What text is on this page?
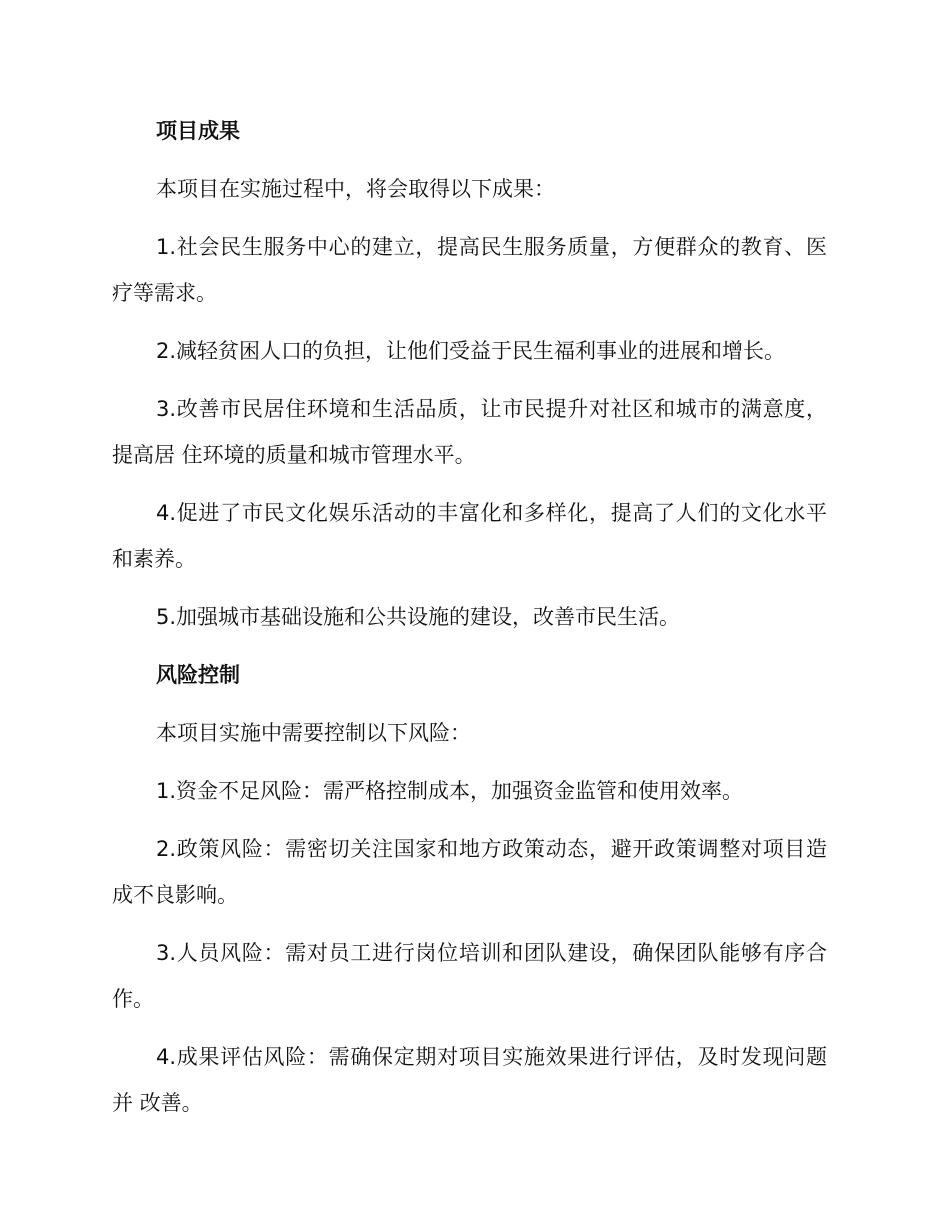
项目成果

本项目在实施过程中，将会取得以下成果：

1.社会民生服务中心的建立，提高民生服务质量，方便群众的教育、医疗等需求。

2.减轻贫困人口的负担，让他们受益于民生福利事业的进展和增长。

3.改善市民居住环境和生活品质，让市民提升对社区和城市的满意度，提高居 住环境的质量和城市管理水平。

4.促进了市民文化娱乐活动的丰富化和多样化，提高了人们的文化水平和素养。

5.加强城市基础设施和公共设施的建设，改善市民生活。

风险控制

本项目实施中需要控制以下风险：

1.资金不足风险：需严格控制成本，加强资金监管和使用效率。

2.政策风险：需密切关注国家和地方政策动态，避开政策调整对项目造成不良影响。

3.人员风险：需对员工进行岗位培训和团队建设，确保团队能够有序合作。

4.成果评估风险：需确保定期对项目实施效果进行评估，及时发现问题并 改善。
